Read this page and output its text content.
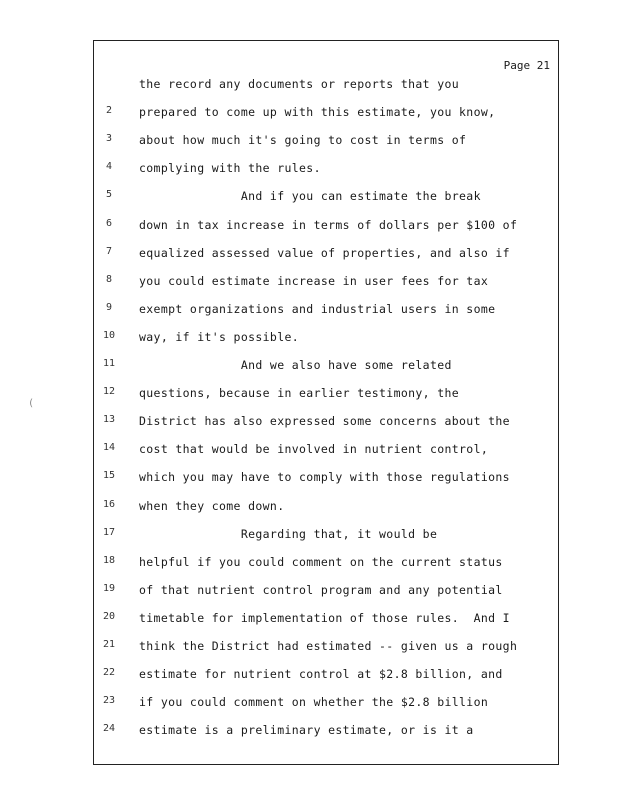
Page 21
the record any documents or reports that you
2	prepared to come up with this estimate, you know,
3	about how much it's going to cost in terms of
4	complying with the rules.
5	And if you can estimate the break
6	down in tax increase in terms of dollars per $100 of
7	equalized assessed value of properties, and also if
8	you could estimate increase in user fees for tax
9	exempt organizations and industrial users in some
10	way, if it's possible.
11	And we also have some related
12	questions, because in earlier testimony, the
13	District has also expressed some concerns about the
14	cost that would be involved in nutrient control,
15	which you may have to comply with those regulations
16	when they come down.
17	Regarding that, it would be
18	helpful if you could comment on the current status
19	of that nutrient control program and any potential
20	timetable for implementation of those rules.  And I
21	think the District had estimated -- given us a rough
22	estimate for nutrient control at $2.8 billion, and
23	if you could comment on whether the $2.8 billion
24	estimate is a preliminary estimate, or is it a
(
